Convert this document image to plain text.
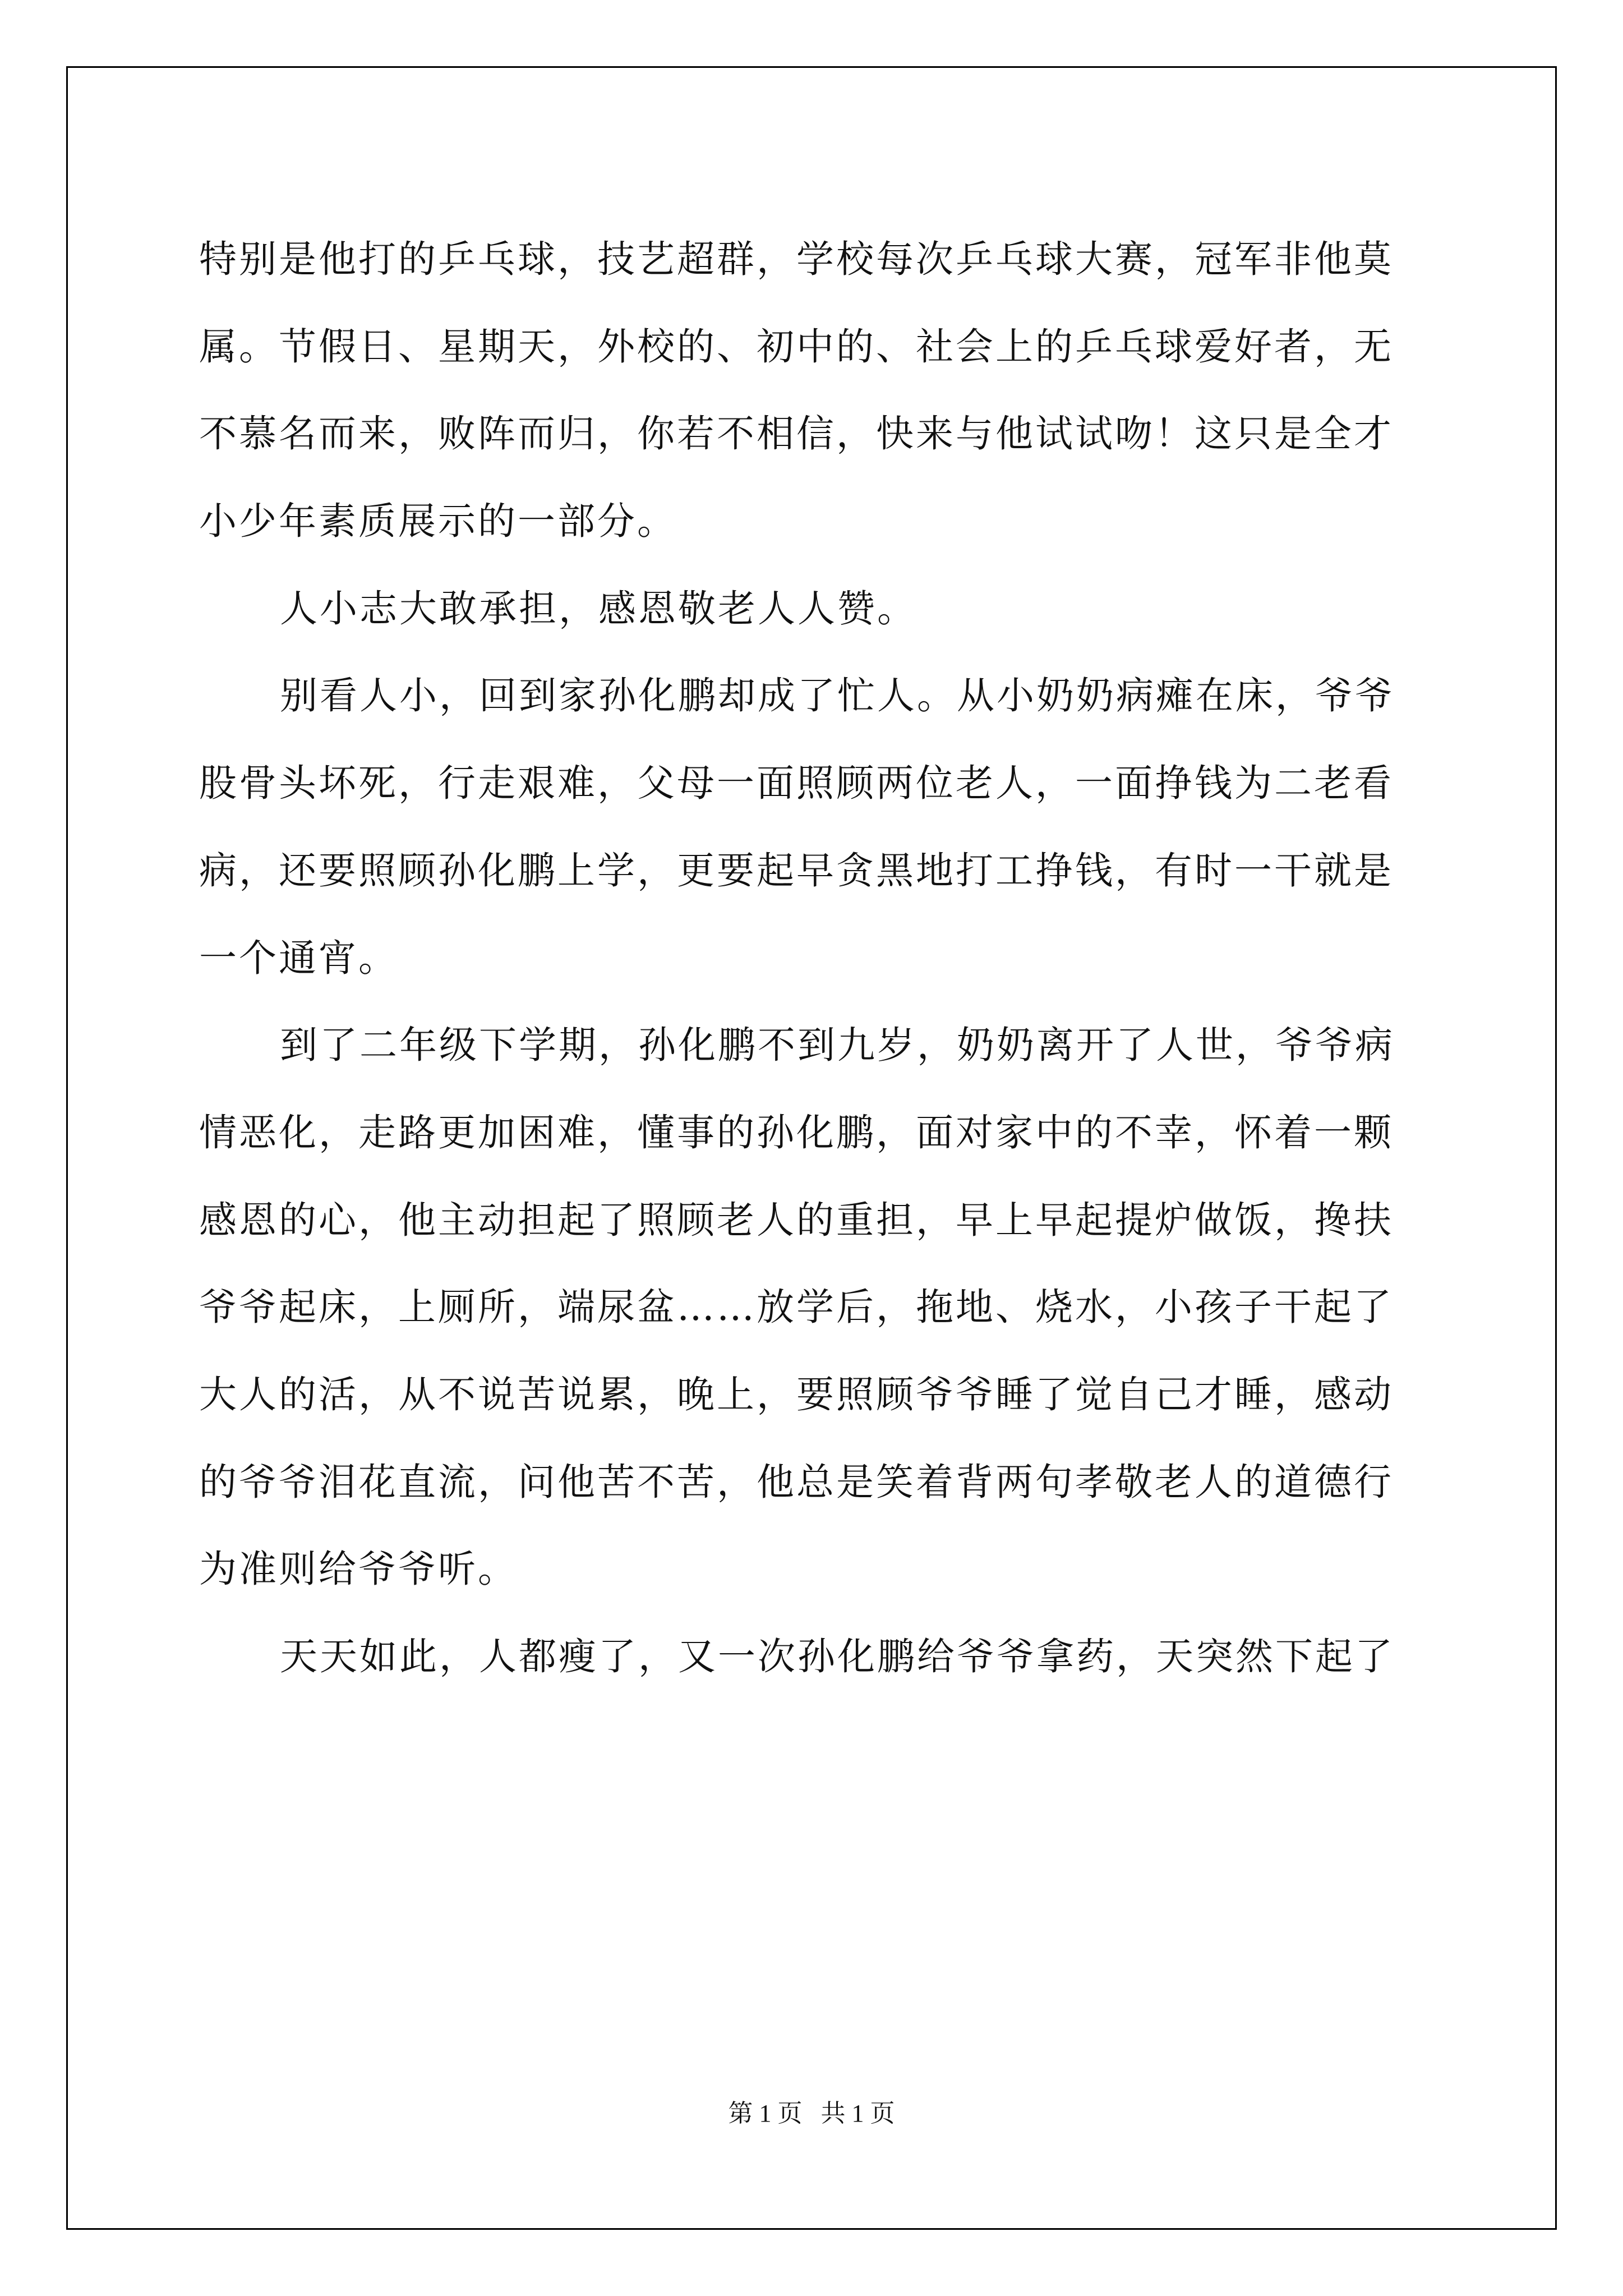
特别是他打的乒乓球，技艺超群，学校每次乒乓球大赛，冠军非他莫
属。节假日、星期天，外校的、初中的、社会上的乒乓球爱好者，无
不慕名而来，败阵而归，你若不相信，快来与他试试吻！这只是全才
小少年素质展示的一部分。
人小志大敢承担，感恩敬老人人赞。
别看人小，回到家孙化鹏却成了忙人。从小奶奶病瘫在床，爷爷
股骨头坏死，行走艰难，父母一面照顾两位老人，一面挣钱为二老看
病，还要照顾孙化鹏上学，更要起早贪黑地打工挣钱，有时一干就是
一个通宵。
到了二年级下学期，孙化鹏不到九岁，奶奶离开了人世，爷爷病
情恶化，走路更加困难，懂事的孙化鹏，面对家中的不幸，怀着一颗
感恩的心，他主动担起了照顾老人的重担，早上早起提炉做饭，搀扶
爷爷起床，上厕所，端尿盆……放学后，拖地、烧水，小孩子干起了
大人的活，从不说苦说累，晚上，要照顾爷爷睡了觉自己才睡，感动
的爷爷泪花直流，问他苦不苦，他总是笑着背两句孝敬老人的道德行
为准则给爷爷听。
天天如此，人都瘦了，又一次孙化鹏给爷爷拿药，天突然下起了
第 1 页 共 1 页
